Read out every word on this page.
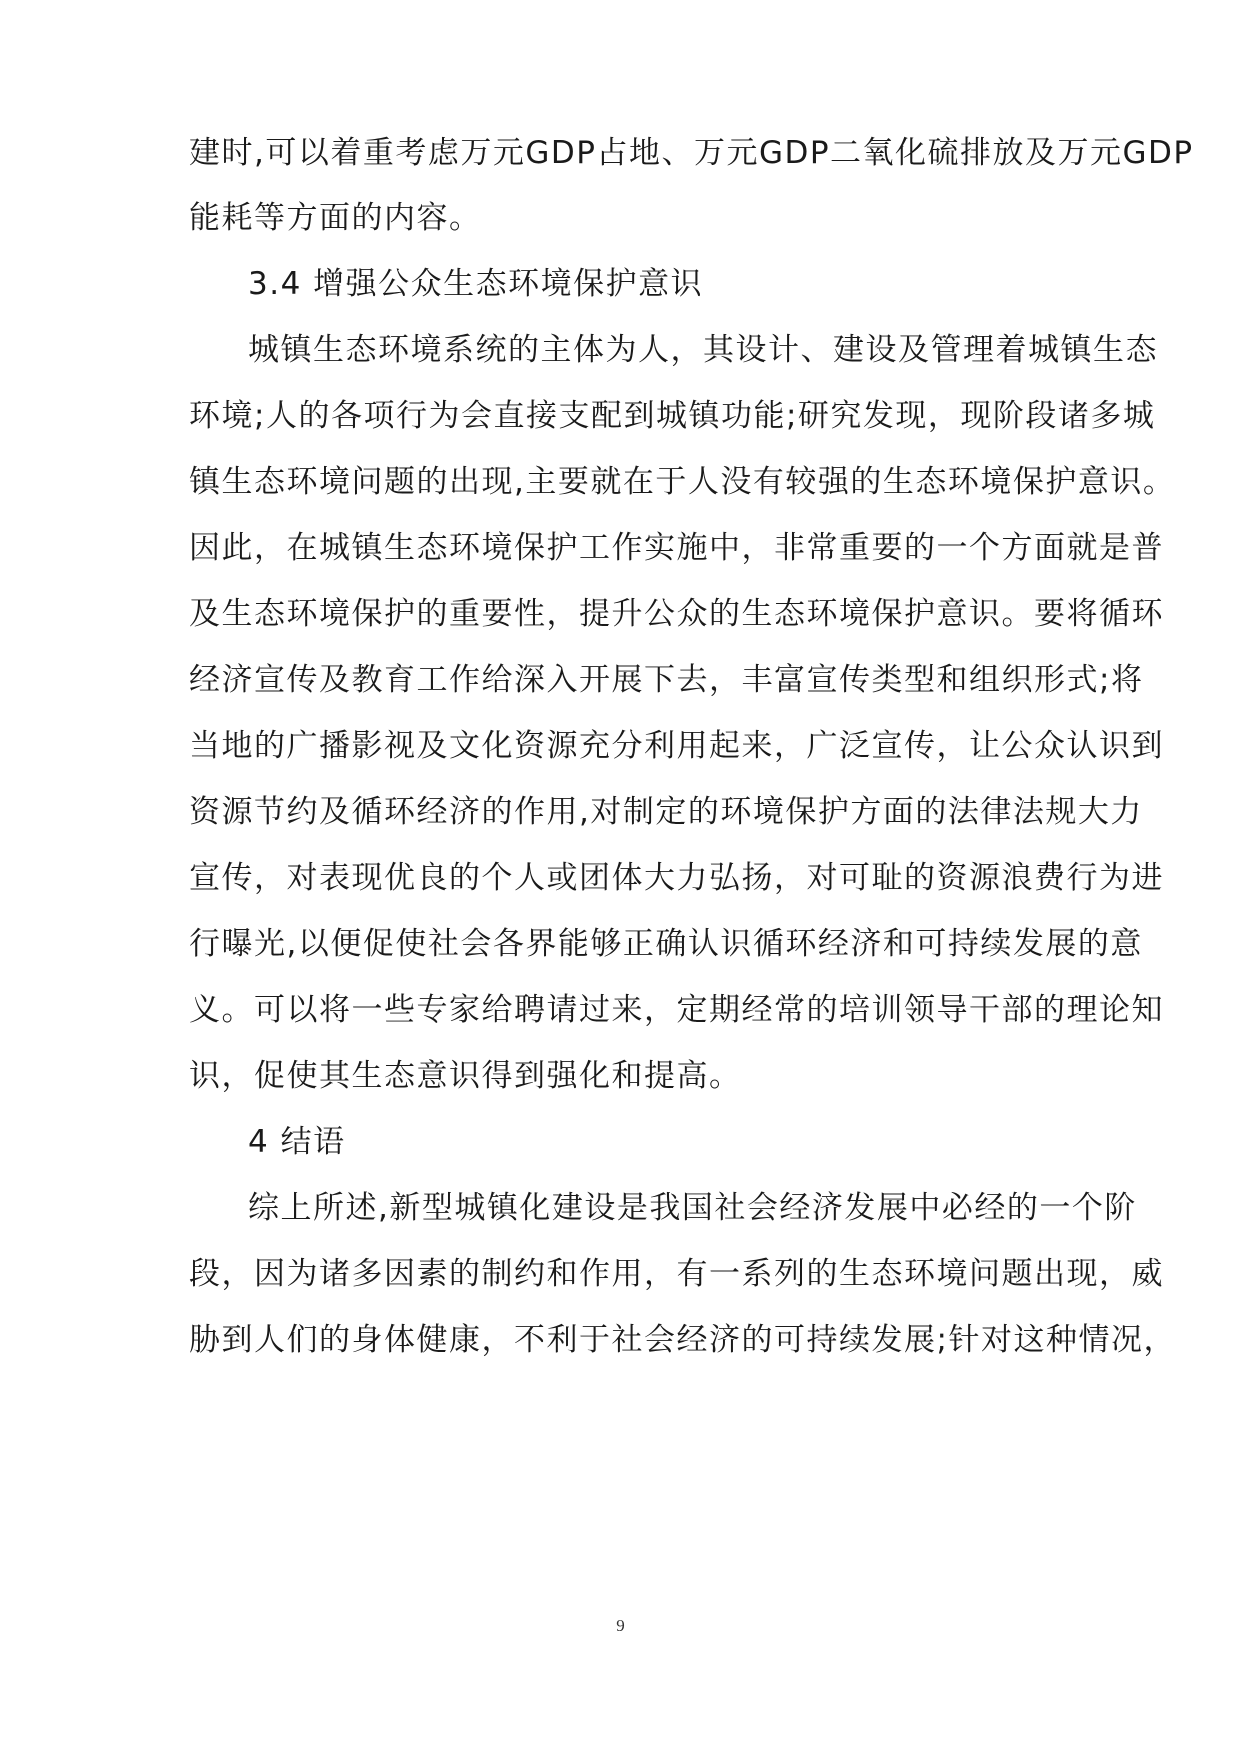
建时,可以着重考虑万元GDP占地、万元GDP二氧化硫排放及万元GDP
能耗等方面的内容。
3.4 增强公众生态环境保护意识
城镇生态环境系统的主体为人，其设计、建设及管理着城镇生态
环境;人的各项行为会直接支配到城镇功能;研究发现，现阶段诸多城
镇生态环境问题的出现,主要就在于人没有较强的生态环境保护意识。
因此，在城镇生态环境保护工作实施中，非常重要的一个方面就是普
及生态环境保护的重要性，提升公众的生态环境保护意识。要将循环
经济宣传及教育工作给深入开展下去，丰富宣传类型和组织形式;将
当地的广播影视及文化资源充分利用起来，广泛宣传，让公众认识到
资源节约及循环经济的作用,对制定的环境保护方面的法律法规大力
宣传，对表现优良的个人或团体大力弘扬，对可耻的资源浪费行为进
行曝光,以便促使社会各界能够正确认识循环经济和可持续发展的意
义。可以将一些专家给聘请过来，定期经常的培训领导干部的理论知
识，促使其生态意识得到强化和提高。
4 结语
综上所述,新型城镇化建设是我国社会经济发展中必经的一个阶
段，因为诸多因素的制约和作用，有一系列的生态环境问题出现，威
胁到人们的身体健康，不利于社会经济的可持续发展;针对这种情况，
9
